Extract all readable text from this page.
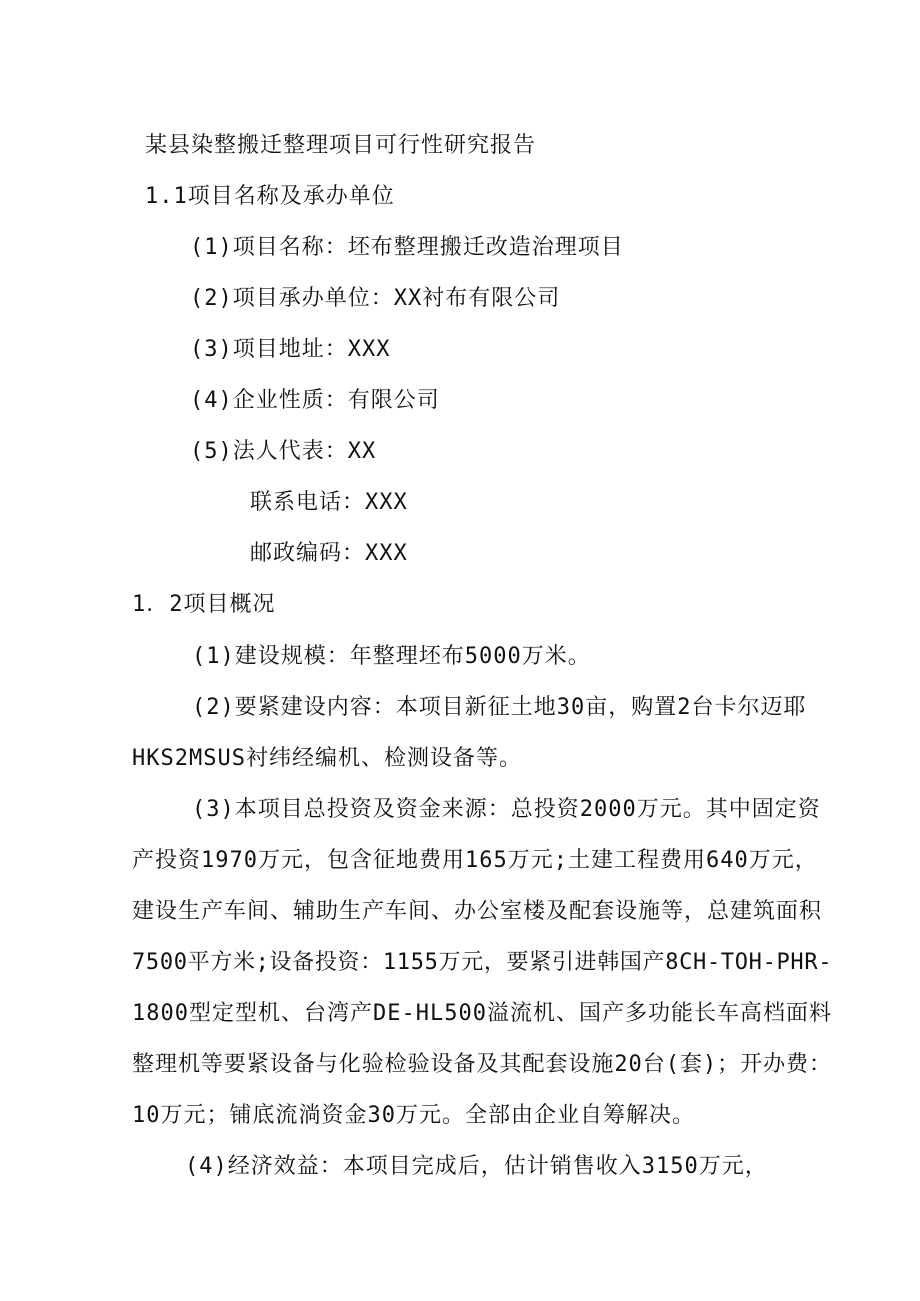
某县染整搬迁整理项目可行性研究报告
1.1项目名称及承办单位
(1)项目名称：坯布整理搬迁改造治理项目
(2)项目承办单位：XX衬布有限公司
(3)项目地址：XXX
(4)企业性质：有限公司
(5)法人代表：XX
联系电话：XXX
邮政编码：XXX
1．2项目概况
(1)建设规模：年整理坯布5000万米。
(2)要紧建设内容：本项目新征土地30亩，购置2台卡尔迈耶
HKS2MSUS衬纬经编机、检测设备等。
(3)本项目总投资及资金来源：总投资2000万元。其中固定资
产投资1970万元，包含征地费用165万元;土建工程费用640万元，
建设生产车间、辅助生产车间、办公室楼及配套设施等，总建筑面积
7500平方米;设备投资：1155万元，要紧引进韩国产8CH-TOH-PHR-
1800型定型机、台湾产DE-HL500溢流机、国产多功能长车高档面料
整理机等要紧设备与化验检验设备及其配套设施20台(套)；开办费：
10万元；铺底流淌资金30万元。全部由企业自筹解决。
(4)经济效益：本项目完成后，估计销售收入3150万元，
